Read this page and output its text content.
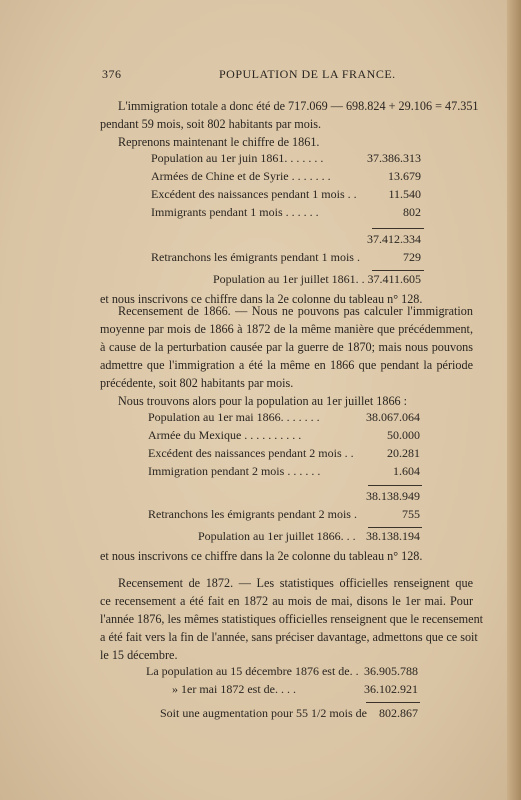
376	POPULATION DE LA FRANCE.
L'immigration totale a donc été de 717.069 — 698.824 + 29.106 = 47.351
pendant 59 mois, soit 802 habitants par mois.
Reprenons maintenant le chiffre de 1861.
Population au 1er juin 1861. . . . . . .	37.386.313
Armées de Chine et de Syrie . . . . . . .	13.679
Excédent des naissances pendant 1 mois . .	11.540
Immigrants pendant 1 mois . . . . . .	802
37.412.334
Retranchons les émigrants pendant 1 mois .	729
Population au 1er juillet 1861. . 37.411.605
et nous inscrivons ce chiffre dans la 2e colonne du tableau n° 128.
Recensement de 1866. — Nous ne pouvons pas calculer l'immigration
moyenne par mois de 1866 à 1872 de la même manière que précédemment,
à cause de la perturbation causée par la guerre de 1870; mais nous pouvons
admettre que l'immigration a été la même en 1866 que pendant la période
précédente, soit 802 habitants par mois.
Nous trouvons alors pour la population au 1er juillet 1866 :
Population au 1er mai 1866. . . . . . .	38.067.064
Armée du Mexique . . . . . . . . . .	50.000
Excédent des naissances pendant 2 mois . .	20.281
Immigration pendant 2 mois . . . . . .	1.604
38.138.949
Retranchons les émigrants pendant 2 mois .	755
Population au 1er juillet 1866. . . 38.138.194
et nous inscrivons ce chiffre dans la 2e colonne du tableau n° 128.
Recensement de 1872. — Les statistiques officielles renseignent que
ce recensement a été fait en 1872 au mois de mai, disons le 1er mai. Pour
l'année 1876, les mêmes statistiques officielles renseignent que le recensement
a été fait vers la fin de l'année, sans préciser davantage, admettons que ce soit
le 15 décembre.
La population au 15 décembre 1876 est de. . 36.905.788
» 1er mai 1872 est de. . . .	36.102.921
Soit une augmentation pour 55 1/2 mois de	802.867
